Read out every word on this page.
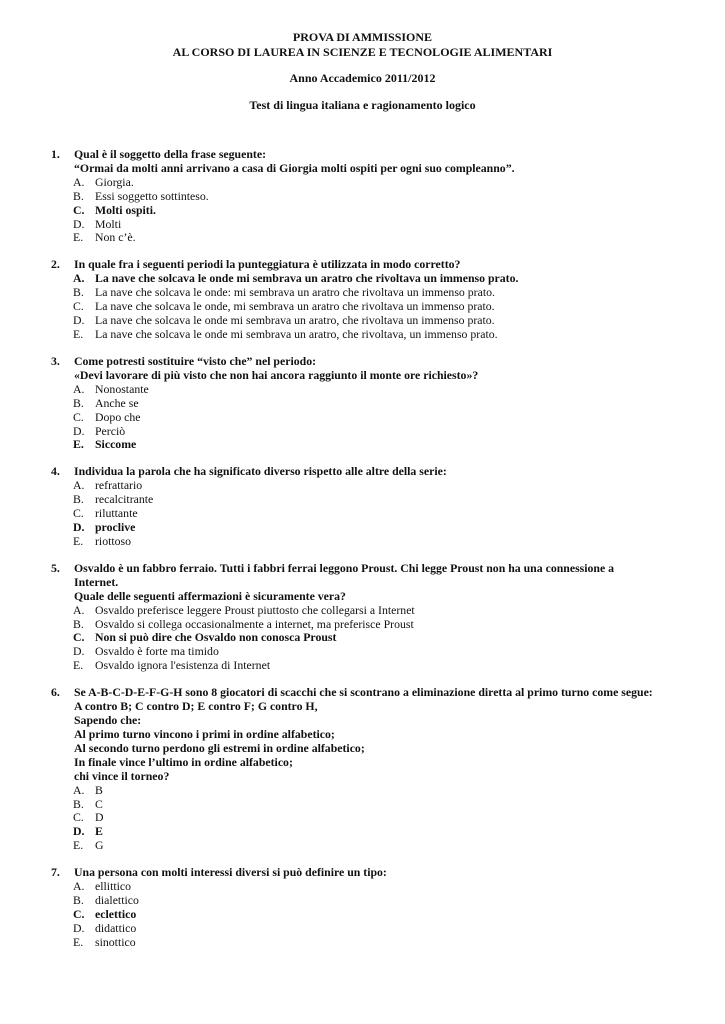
PROVA DI AMMISSIONE
AL CORSO DI LAUREA IN SCIENZE E TECNOLOGIE ALIMENTARI
Anno Accademico 2011/2012
Test di lingua italiana e ragionamento logico
1. Qual è il soggetto della frase seguente:
“Ormai da molti anni arrivano a casa di Giorgia molti ospiti per ogni suo compleanno”.
A. Giorgia.
B. Essi soggetto sottinteso.
C. Molti ospiti.
D. Molti
E. Non c’è.
2. In quale fra i seguenti periodi la punteggiatura è utilizzata in modo corretto?
A. La nave che solcava le onde mi sembrava un aratro che rivoltava un immenso prato.
B. La nave che solcava le onde: mi sembrava un aratro che rivoltava un immenso prato.
C. La nave che solcava le onde, mi sembrava un aratro che rivoltava un immenso prato.
D. La nave che solcava le onde mi sembrava un aratro, che rivoltava un immenso prato.
E. La nave che solcava le onde mi sembrava un aratro, che rivoltava, un immenso prato.
3. Come potresti sostituire “visto che” nel periodo:
«Devi lavorare di più visto che non hai ancora raggiunto il monte ore richiesto»?
A. Nonostante
B. Anche se
C. Dopo che
D. Perciò
E. Siccome
4. Individua la parola che ha significato diverso rispetto alle altre della serie:
A. refrattario
B. recalcitrante
C. riluttante
D. proclive
E. riottoso
5. Osvaldo è un fabbro ferraio. Tutti i fabbri ferrai leggono Proust. Chi legge Proust non ha una connessione a
Internet.
Quale delle seguenti affermazioni è sicuramente vera?
A. Osvaldo preferisce leggere Proust piuttosto che collegarsi a Internet
B. Osvaldo si collega occasionalmente a internet, ma preferisce Proust
C. Non si può dire che Osvaldo non conosca Proust
D. Osvaldo è forte ma timido
E. Osvaldo ignora l'esistenza di Internet
6. Se A-B-C-D-E-F-G-H sono 8 giocatori di scacchi che si scontrano a eliminazione diretta al primo turno come segue:
A contro B; C contro D; E contro F; G contro H,
Sapendo che:
Al primo turno vincono i primi in ordine alfabetico;
Al secondo turno perdono gli estremi in ordine alfabetico;
In finale vince l’ultimo in ordine alfabetico;
chi vince il torneo?
A. B
B. C
C. D
D. E
E. G
7. Una persona con molti interessi diversi si può definire un tipo:
A. ellittico
B. dialettico
C. eclettico
D. didattico
E. sinottico
